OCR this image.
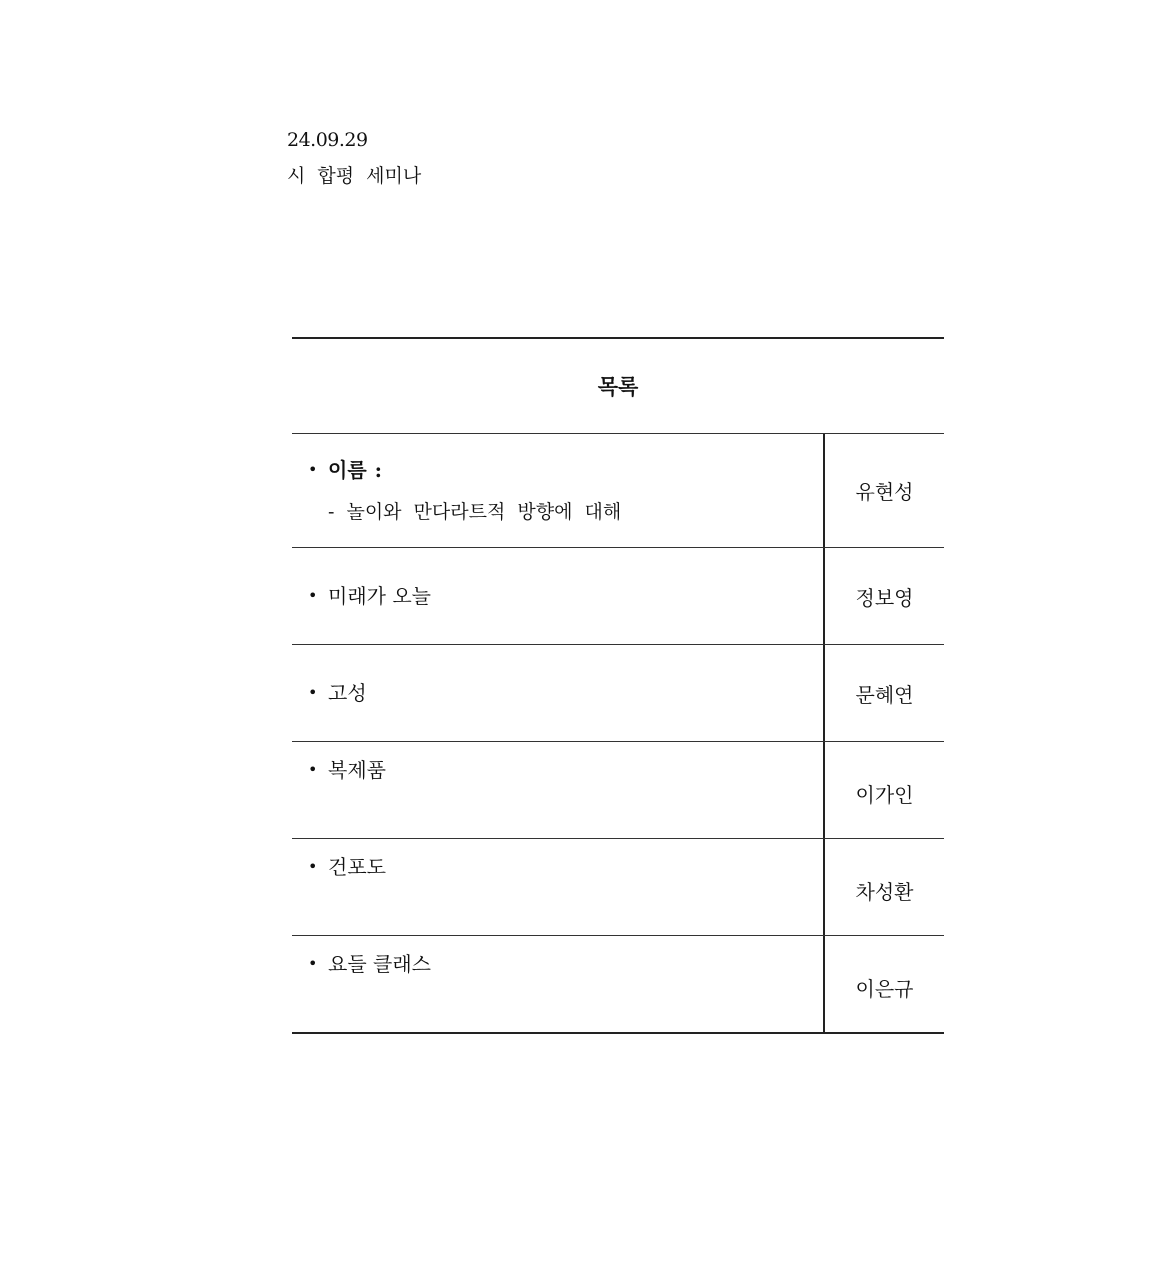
24.09.29
시 합평 세미나
목록
• 이름 :
- 놀이와 만다라트적 방향에 대해
유현성
• 미래가 오늘	정보영
• 고성	문혜연
• 복제품
이가인
• 건포도
차성환
• 요들 클래스
이은규
